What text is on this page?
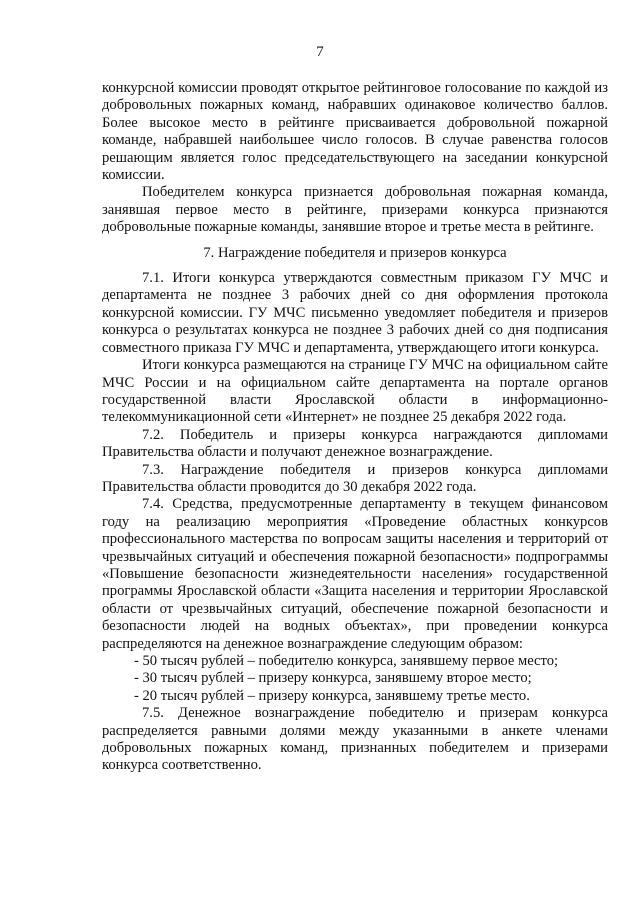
7

конкурсной комиссии проводят открытое рейтинговое голосование по каждой из добровольных пожарных команд, набравших одинаковое количество баллов. Более высокое место в рейтинге присваивается добровольной пожарной команде, набравшей наибольшее число голосов. В случае равенства голосов решающим является голос председательствующего на заседании конкурсной комиссии.

Победителем конкурса признается добровольная пожарная команда, занявшая первое место в рейтинге, призерами конкурса признаются добровольные пожарные команды, занявшие второе и третье места в рейтинге.

7. Награждение победителя и призеров конкурса

7.1. Итоги конкурса утверждаются совместным приказом ГУ МЧС и департамента не позднее 3 рабочих дней со дня оформления протокола конкурсной комиссии. ГУ МЧС письменно уведомляет победителя и призеров конкурса о результатах конкурса не позднее 3 рабочих дней со дня подписания совместного приказа ГУ МЧС и департамента, утверждающего итоги конкурса.

Итоги конкурса размещаются на странице ГУ МЧС на официальном сайте МЧС России и на официальном сайте департамента на портале органов государственной власти Ярославской области в информационно-телекоммуникационной сети «Интернет» не позднее 25 декабря 2022 года.

7.2. Победитель и призеры конкурса награждаются дипломами Правительства области и получают денежное вознаграждение.

7.3. Награждение победителя и призеров конкурса дипломами Правительства области проводится до 30 декабря 2022 года.

7.4. Средства, предусмотренные департаменту в текущем финансовом году на реализацию мероприятия «Проведение областных конкурсов профессионального мастерства по вопросам защиты населения и территорий от чрезвычайных ситуаций и обеспечения пожарной безопасности» подпрограммы «Повышение безопасности жизнедеятельности населения» государственной программы Ярославской области «Защита населения и территории Ярославской области от чрезвычайных ситуаций, обеспечение пожарной безопасности и безопасности людей на водных объектах», при проведении конкурса распределяются на денежное вознаграждение следующим образом:

- 50 тысяч рублей – победителю конкурса, занявшему первое место;

- 30 тысяч рублей – призеру конкурса, занявшему второе место;

- 20 тысяч рублей – призеру конкурса, занявшему третье место.

7.5. Денежное вознаграждение победителю и призерам конкурса распределяется равными долями между указанными в анкете членами добровольных пожарных команд, признанных победителем и призерами конкурса соответственно.
